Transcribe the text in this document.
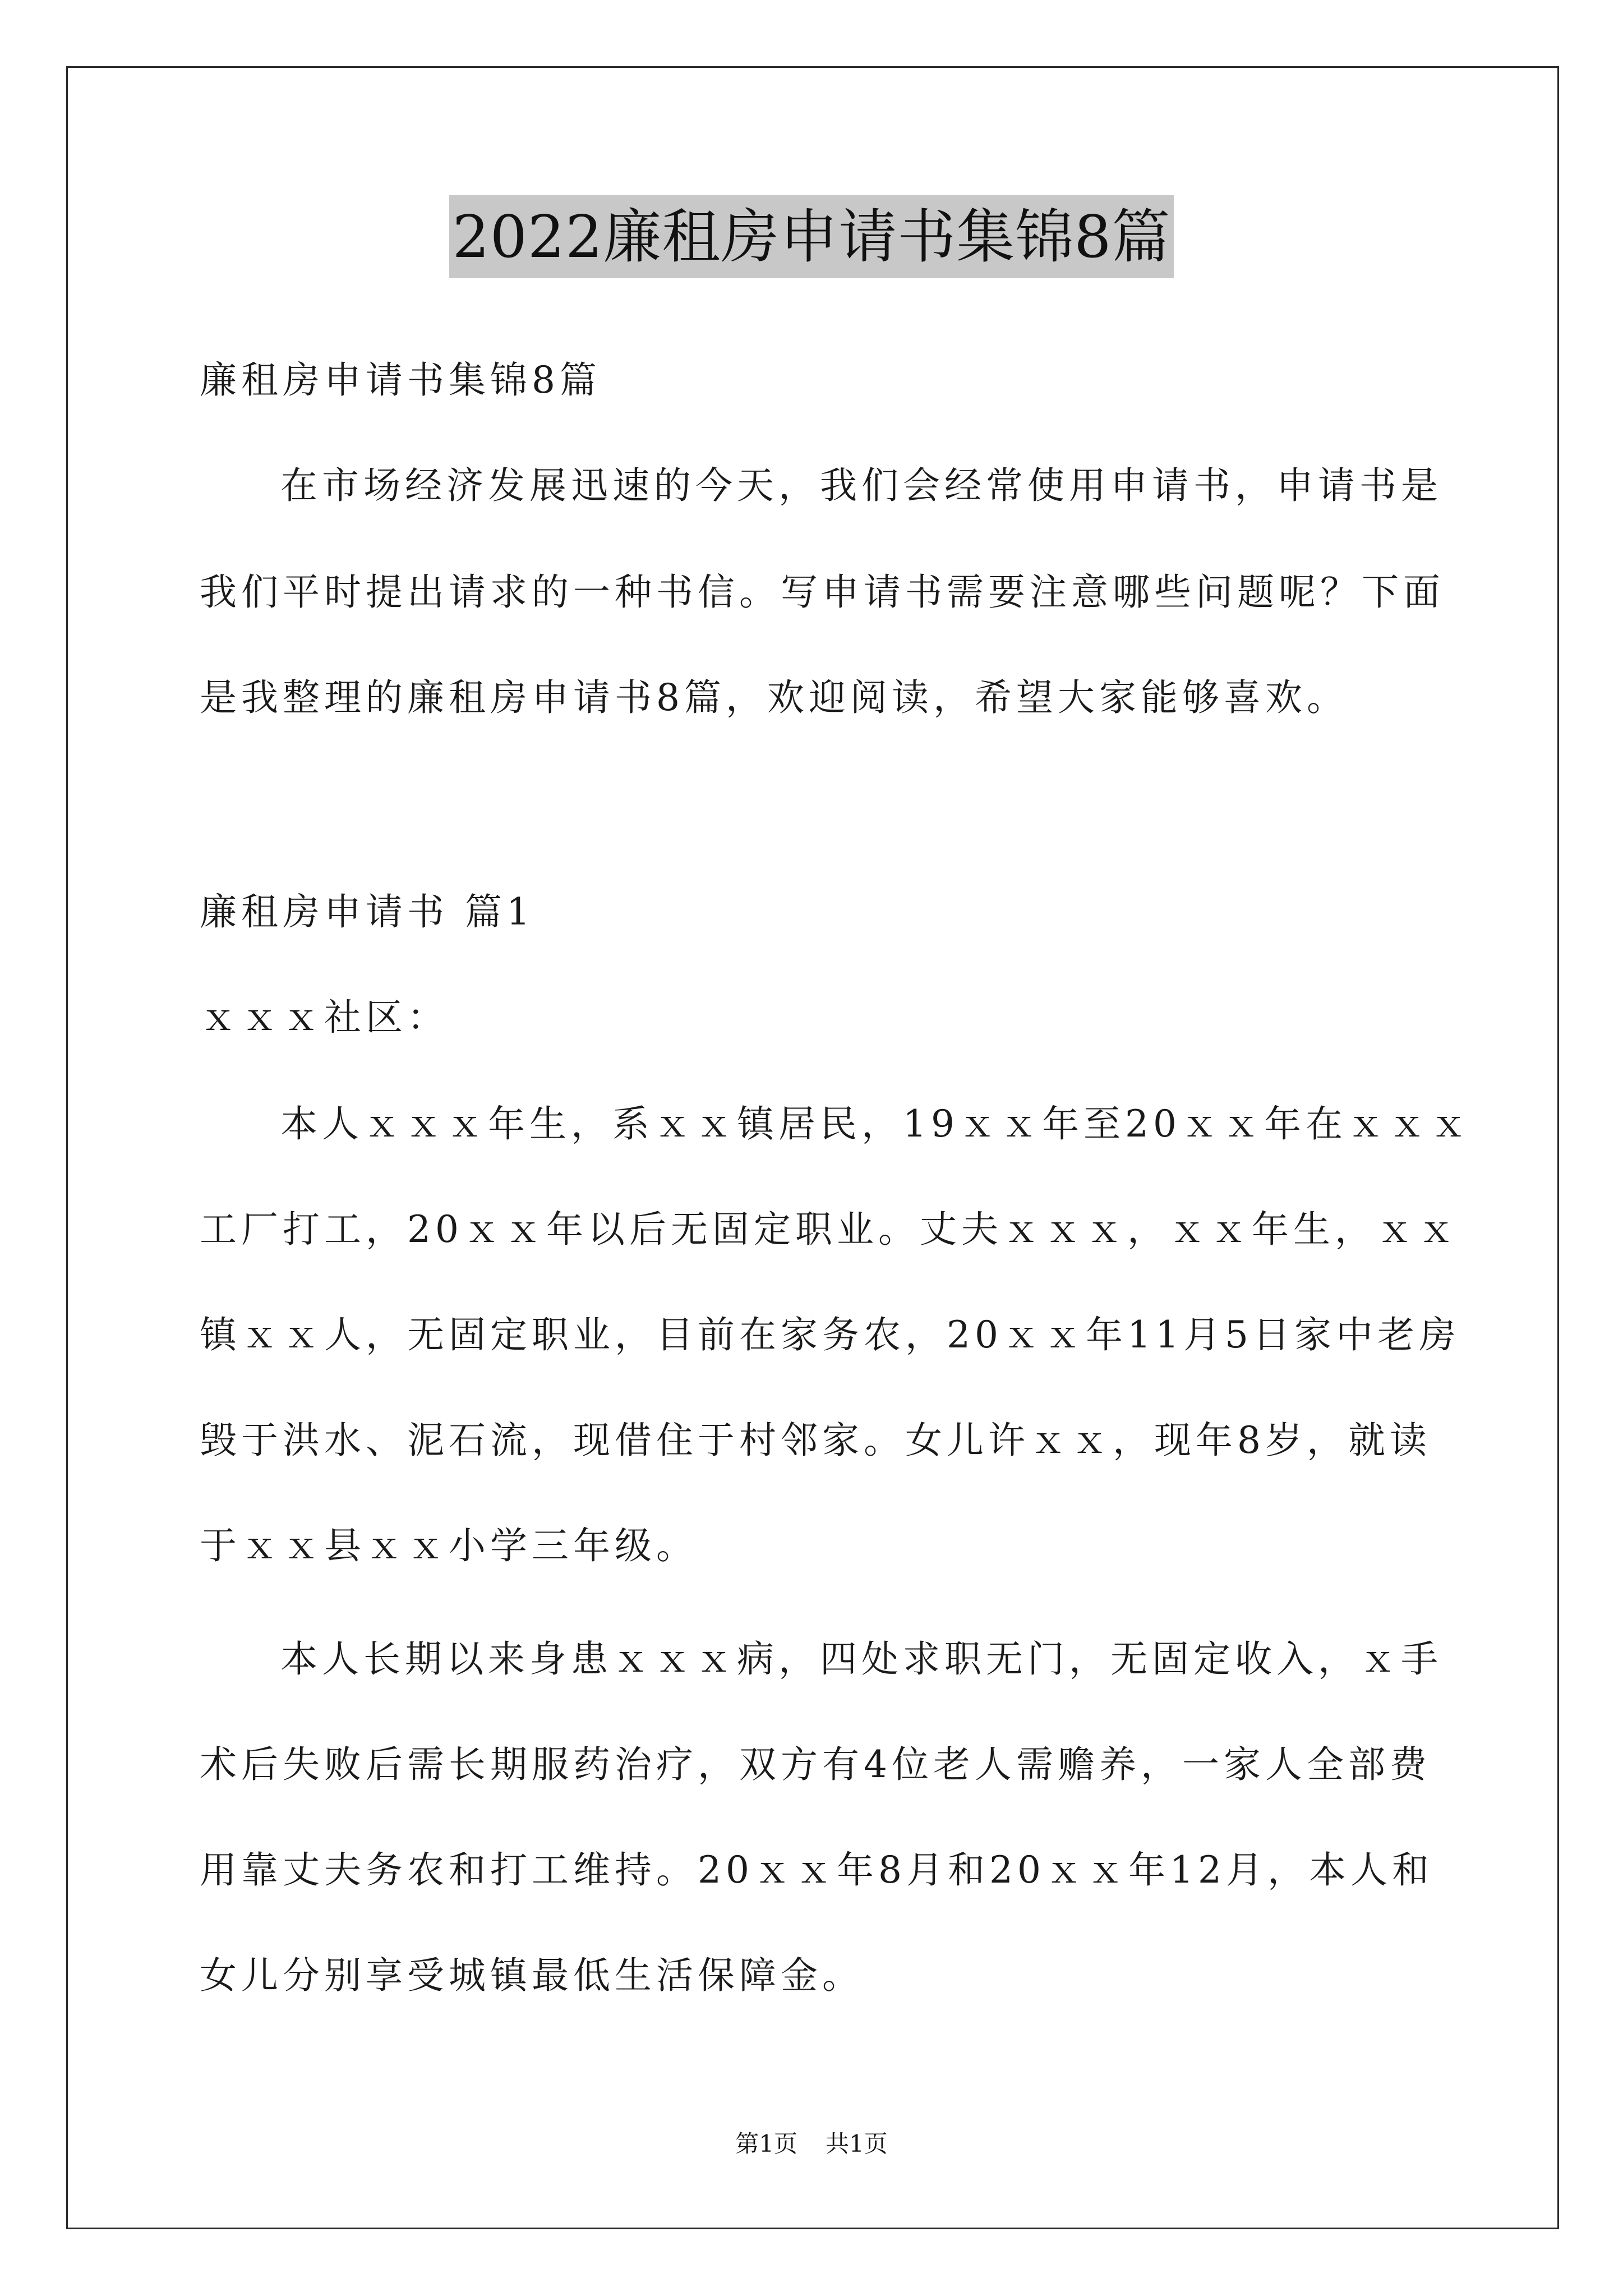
2022廉租房申请书集锦8篇
廉租房申请书集锦8篇
在市场经济发展迅速的今天，我们会经常使用申请书，申请书是
我们平时提出请求的一种书信。写申请书需要注意哪些问题呢？下面
是我整理的廉租房申请书8篇，欢迎阅读，希望大家能够喜欢。
廉租房申请书 篇1
ｘｘｘ社区：
本人ｘｘｘ年生，系ｘｘ镇居民，19ｘｘ年至20ｘｘ年在ｘｘｘ
工厂打工，20ｘｘ年以后无固定职业。丈夫ｘｘｘ，ｘｘ年生，ｘｘ
镇ｘｘ人，无固定职业，目前在家务农，20ｘｘ年11月5日家中老房
毁于洪水、泥石流，现借住于村邻家。女儿许ｘｘ，现年8岁，就读
于ｘｘ县ｘｘ小学三年级。
本人长期以来身患ｘｘｘ病，四处求职无门，无固定收入，ｘ手
术后失败后需长期服药治疗，双方有4位老人需赡养，一家人全部费
用靠丈夫务农和打工维持。20ｘｘ年8月和20ｘｘ年12月，本人和
女儿分别享受城镇最低生活保障金。
第1页 共1页
